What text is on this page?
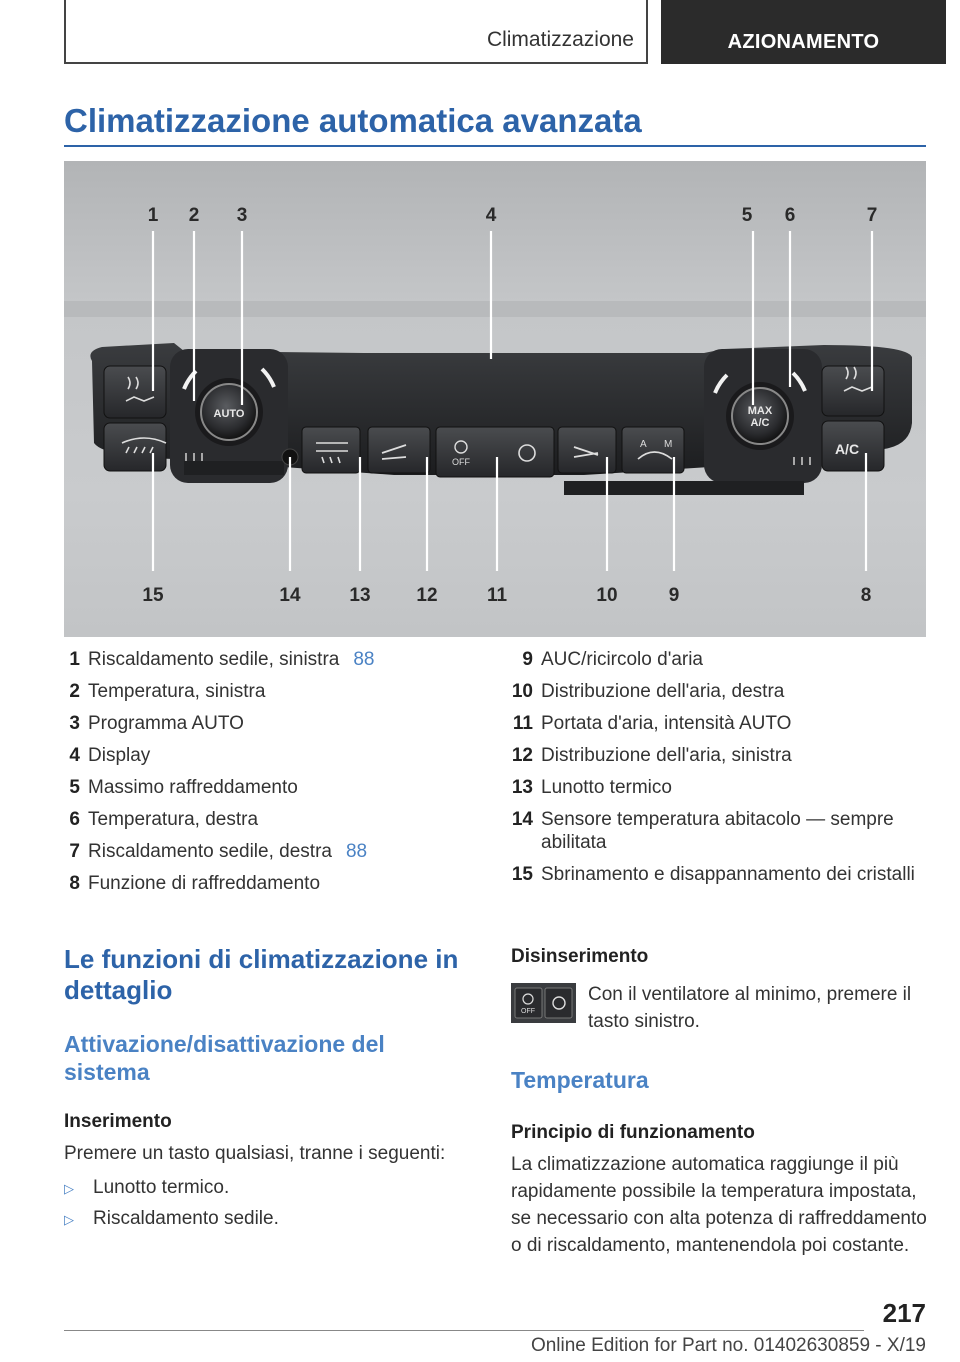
Climatizzazione	AZIONAMENTO
Climatizzazione automatica avanzata
AUTO	MAX
A/C
A/C
OFF
A M
1 2 3	4	5 6	7
8
9
10
11
12
13
14
15
1 Riscaldamento sedile, sinistra 88
2 Temperatura, sinistra
3 Programma AUTO
4 Display
5 Massimo raffreddamento
6 Temperatura, destra
7 Riscaldamento sedile, destra 88
8 Funzione di raffreddamento
9 AUC/ricircolo d'aria
10 Distribuzione dell'aria, destra
11 Portata d'aria, intensità AUTO
12 Distribuzione dell'aria, sinistra
13 Lunotto termico
14 Sensore temperatura abitacolo — sempre abilitata
15 Sbrinamento e disappannamento dei cristalli
Le funzioni di climatizzazione in dettaglio
Attivazione/disattivazione del sistema
Inserimento
Premere un tasto qualsiasi, tranne i seguenti:
▷ Lunotto termico.
▷ Riscaldamento sedile.
Disinserimento
OFF
Con il ventilatore al minimo, premere il tasto sinistro.
Temperatura
Principio di funzionamento
La climatizzazione automatica raggiunge il più rapidamente possibile la temperatura impostata, se necessario con alta potenza di raffreddamento o di riscaldamento, mantenendola poi costante.
217
Online Edition for Part no. 01402630859 - X/19
